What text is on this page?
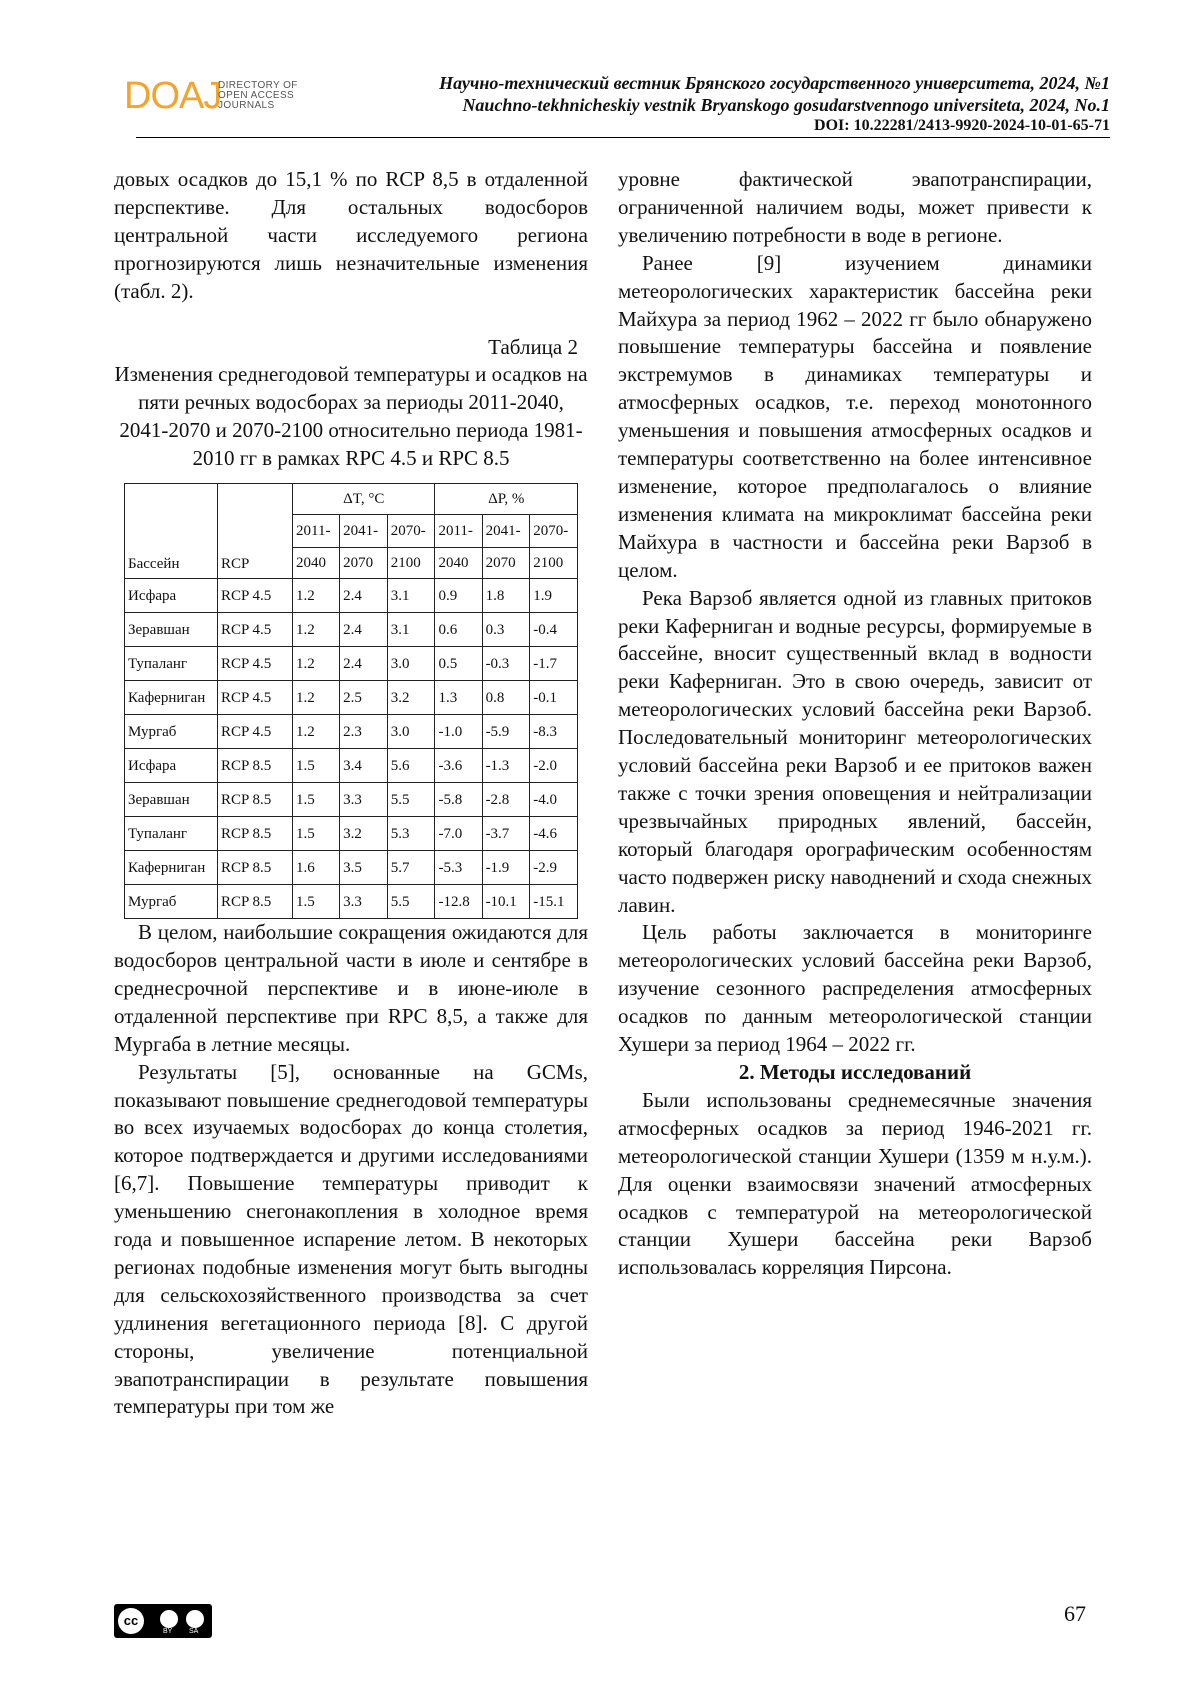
DOAJ
DIRECTORY OF
OPEN ACCESS
JOURNALS
Научно-технический вестник Брянского государственного университета, 2024, №1
Nauchno-tekhnicheskiy vestnik Bryanskogo gosudarstvennogo universiteta, 2024, No.1
DOI: 10.22281/2413-9920-2024-10-01-65-71

довых осадков до 15,1 % по RCP 8,5 в отдаленной перспективе. Для остальных водосборов центральной части исследуемого региона прогнозируются лишь незначительные изменения (табл. 2).

Таблица 2
Изменения среднегодовой температуры и осадков на пяти речных водосборах за периоды 2011-2040, 2041-2070 и 2070-2100 относительно периода 1981-2010 гг в рамках RPC 4.5 и RPC 8.5
Бассейн	RCP	ΔT, °C			ΔP, %		
		2011-	2041-	2070-	2011-	2041-	2070-
		2040	2070	2100	2040	2070	2100
Исфара	RCP 4.5	1.2	2.4	3.1	0.9	1.8	1.9
Зеравшан	RCP 4.5	1.2	2.4	3.1	0.6	0.3	-0.4
Тупаланг	RCP 4.5	1.2	2.4	3.0	0.5	-0.3	-1.7
Кафернигaн	RCP 4.5	1.2	2.5	3.2	1.3	0.8	-0.1
Мургаб	RCP 4.5	1.2	2.3	3.0	-1.0	-5.9	-8.3
Исфара	RCP 8.5	1.5	3.4	5.6	-3.6	-1.3	-2.0
Зеравшан	RCP 8.5	1.5	3.3	5.5	-5.8	-2.8	-4.0
Тупаланг	RCP 8.5	1.5	3.2	5.3	-7.0	-3.7	-4.6
Кафернигaн	RCP 8.5	1.6	3.5	5.7	-5.3	-1.9	-2.9
Мургаб	RCP 8.5	1.5	3.3	5.5	-12.8	-10.1	-15.1

В целом, наибольшие сокращения ожидаются для водосборов центральной части в июле и сентябре в среднесрочной перспективе и в июне-июле в отдаленной перспективе при RPC 8,5, а также для Мургаба в летние месяцы.

Результаты [5], основанные на GCMs, показывают повышение среднегодовой температуры во всех изучаемых водосборах до конца столетия, которое подтверждается и другими исследованиями [6,7]. Повышение температуры приводит к уменьшению снегонакопления в холодное время года и повышенное испарение летом. В некоторых регионах подобные изменения могут быть выгодны для сельскохозяйственного производства за счет удлинения вегетационного периода [8]. С другой стороны, увеличение потенциальной эвапотранспирации в результате повышения температуры при том же

уровне фактической эвапотранспирации, ограниченной наличием воды, может привести к увеличению потребности в воде в регионе.

Ранее [9] изучением динамики метеорологических характеристик бассейна реки Майхура за период 1962 – 2022 гг было обнаружено повышение температуры бассейна и появление экстремумов в динамиках температуры и атмосферных осадков, т.е. переход монотонного уменьшения и повышения атмосферных осадков и температуры соответственно на более интенсивное изменение, которое предполагалось о влияние изменения климата на микроклимат бассейна реки Майхура в частности и бассейна реки Варзоб в целом.

Река Варзоб является одной из главных притоков реки Кафернигaн и водные ресурсы, формируемые в бассейне, вносит существенный вклад в водности реки Кафернигaн. Это в свою очередь, зависит от метеорологических условий бассейна реки Варзоб. Последовательный мониторинг метеорологических условий бассейна реки Варзоб и ее притоков важен также с точки зрения оповещения и нейтрализации чрезвычайных природных явлений, бассейн, который благодаря орографическим особенностям часто подвержен риску наводнений и схода снежных лавин.

Цель работы заключается в мониторинге метеорологических условий бассейна реки Варзоб, изучение сезонного распределения атмосферных осадков по данным метеорологической станции Хушери за период 1964 – 2022 гг.

2. Методы исследований

Были использованы среднемесячные значения атмосферных осадков за период 1946-2021 гг. метеорологической станции Хушери (1359 м н.у.м.). Для оценки взаимосвязи значений атмосферных осадков с температурой на метеорологической станции Хушери бассейна реки Варзоб использовалась корреляция Пирсона.

cc
BY SA
67
